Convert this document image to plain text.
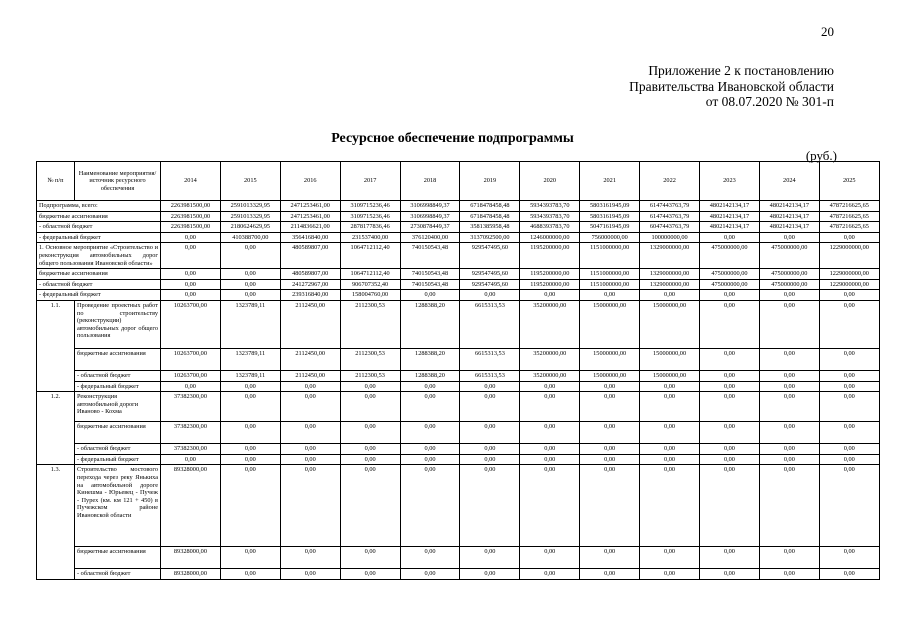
20
Приложение 2 к постановлению
Правительства Ивановской области
от 08.07.2020 № 301-п
Ресурсное обеспечение подпрограммы
(руб.)
№ п/п	Наименование мероприятия/источник ресурсного обеспечения	2014	2015	2016	2017	2018	2019	2020	2021	2022	2023	2024	2025
Подпрограмма, всего:		2263981500,00	2591013329,95	2471253461,00	3109715236,46	3106998849,37	6718478458,48	5934393783,70	5803161945,09	6147443763,79	4802142134,17	4802142134,17	4787216625,65
бюджетные ассигнования		2263981500,00	2591013329,95	2471253461,00	3109715236,46	3106998849,37	6718478458,48	5934393783,70	5803161945,09	6147443763,79	4802142134,17	4802142134,17	4787216625,65
- областной бюджет		2263981500,00	2180624629,95	2114836621,00	2878177836,46	2730878449,37	3581385958,48	4688393783,70	5047161945,09	6047443763,79	4802142134,17	4802142134,17	4787216625,65
- федеральный бюджет		0,00	410388700,00	356416840,00	231537400,00	376120400,00	3137092500,00	1246000000,00	756000000,00	100000000,00	0,00	0,00	0,00
1. Основное мероприятие «Строительство и реконструкция автомобильных дорог общего пользования Ивановской области»		0,00	0,00	480589807,00	1064712112,40	740150543,48	929547495,60	1195200000,00	1151000000,00	1329000000,00	475000000,00	475000000,00	1229000000,00
бюджетные ассигнования		0,00	0,00	480589807,00	1064712112,40	740150543,48	929547495,60	1195200000,00	1151000000,00	1329000000,00	475000000,00	475000000,00	1229000000,00
- областной бюджет		0,00	0,00	241272967,00	906707352,40	740150543,48	929547495,60	1195200000,00	1151000000,00	1329000000,00	475000000,00	475000000,00	1229000000,00
- федеральный бюджет		0,00	0,00	239316840,00	158004760,00	0,00	0,00	0,00	0,00	0,00	0,00	0,00	0,00
1.1.	Проведение проектных работ по строительству (реконструкции) автомобильных дорог общего пользования	10263700,00	1323789,11	2112450,00	2112300,53	1288388,20	6615313,53	35200000,00	15000000,00	15000000,00	0,00	0,00	0,00
	бюджетные ассигнования	10263700,00	1323789,11	2112450,00	2112300,53	1288388,20	6615313,53	35200000,00	15000000,00	15000000,00	0,00	0,00	0,00
	- областной бюджет	10263700,00	1323789,11	2112450,00	2112300,53	1288388,20	6615313,53	35200000,00	15000000,00	15000000,00	0,00	0,00	0,00
	- федеральный бюджет	0,00	0,00	0,00	0,00	0,00	0,00	0,00	0,00	0,00	0,00	0,00	0,00
1.2.	Реконструкция автомобильной дороги Иваново - Кохма	37382300,00	0,00	0,00	0,00	0,00	0,00	0,00	0,00	0,00	0,00	0,00	0,00
	бюджетные ассигнования	37382300,00	0,00	0,00	0,00	0,00	0,00	0,00	0,00	0,00	0,00	0,00	0,00
	- областной бюджет	37382300,00	0,00	0,00	0,00	0,00	0,00	0,00	0,00	0,00	0,00	0,00	0,00
	- федеральный бюджет	0,00	0,00	0,00	0,00	0,00	0,00	0,00	0,00	0,00	0,00	0,00	0,00
1.3.	Строительство мостового перехода через реку Янькиха на автомобильной дороге Кинешма - Юрьевец - Пучеж - Пурех (км. км 121 + 450) в Пучежском районе Ивановской области	89328000,00	0,00	0,00	0,00	0,00	0,00	0,00	0,00	0,00	0,00	0,00	0,00
	бюджетные ассигнования	89328000,00	0,00	0,00	0,00	0,00	0,00	0,00	0,00	0,00	0,00	0,00	0,00
	- областной бюджет	89328000,00	0,00	0,00	0,00	0,00	0,00	0,00	0,00	0,00	0,00	0,00	0,00
